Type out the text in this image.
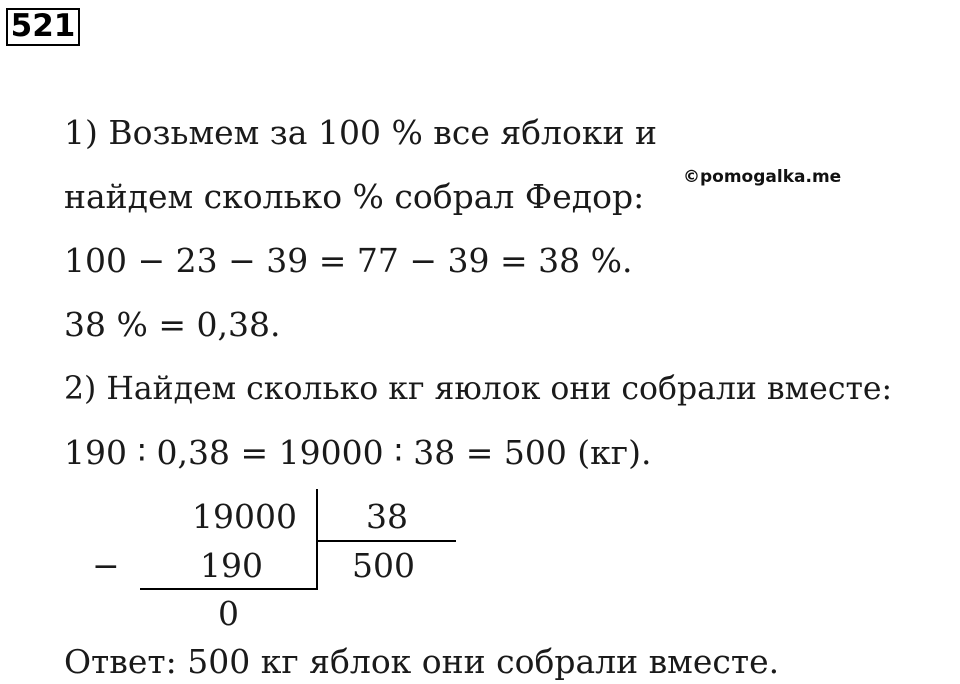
521
©pomogalka.me
1) Возьмем за 100 % все яблоки и
найдем сколько % собрал Федор:
100 − 23 − 39 = 77 − 39 = 38 %.
38 % = 0,38.
2) Найдем сколько кг яюлок они собрали вместе:
190 ∶ 0,38 = 19000 ∶ 38 = 500 (кг).
19000 38
− 190	500
0
Ответ: 500 кг яблок они собрали вместе.
